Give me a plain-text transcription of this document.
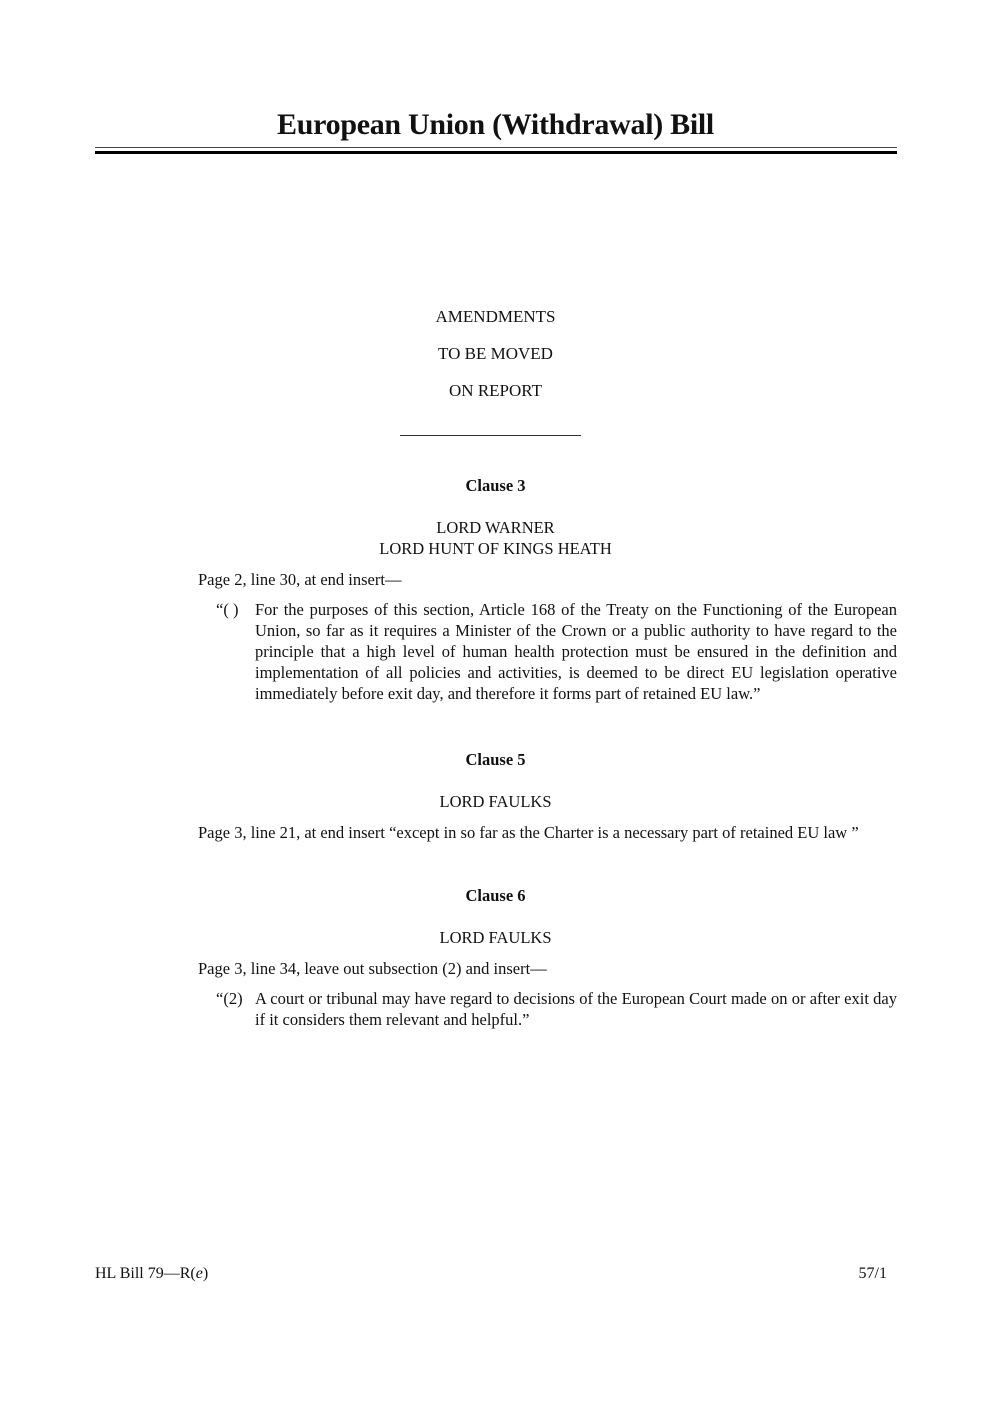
European Union (Withdrawal) Bill
AMENDMENTS
TO BE MOVED
ON REPORT
Clause 3
LORD WARNER
LORD HUNT OF KINGS HEATH
Page 2, line 30, at end insert—
“( )	For the purposes of this section, Article 168 of the Treaty on the Functioning of the European Union, so far as it requires a Minister of the Crown or a public authority to have regard to the principle that a high level of human health protection must be ensured in the definition and implementation of all policies and activities, is deemed to be direct EU legislation operative immediately before exit day, and therefore it forms part of retained EU law.”
Clause 5
LORD FAULKS
Page 3, line 21, at end insert “except in so far as the Charter is a necessary part of retained EU law ”
Clause 6
LORD FAULKS
Page 3, line 34, leave out subsection (2) and insert—
“(2) A court or tribunal may have regard to decisions of the European Court made on or after exit day if it considers them relevant and helpful.”
HL Bill 79—R(e)	57/1
